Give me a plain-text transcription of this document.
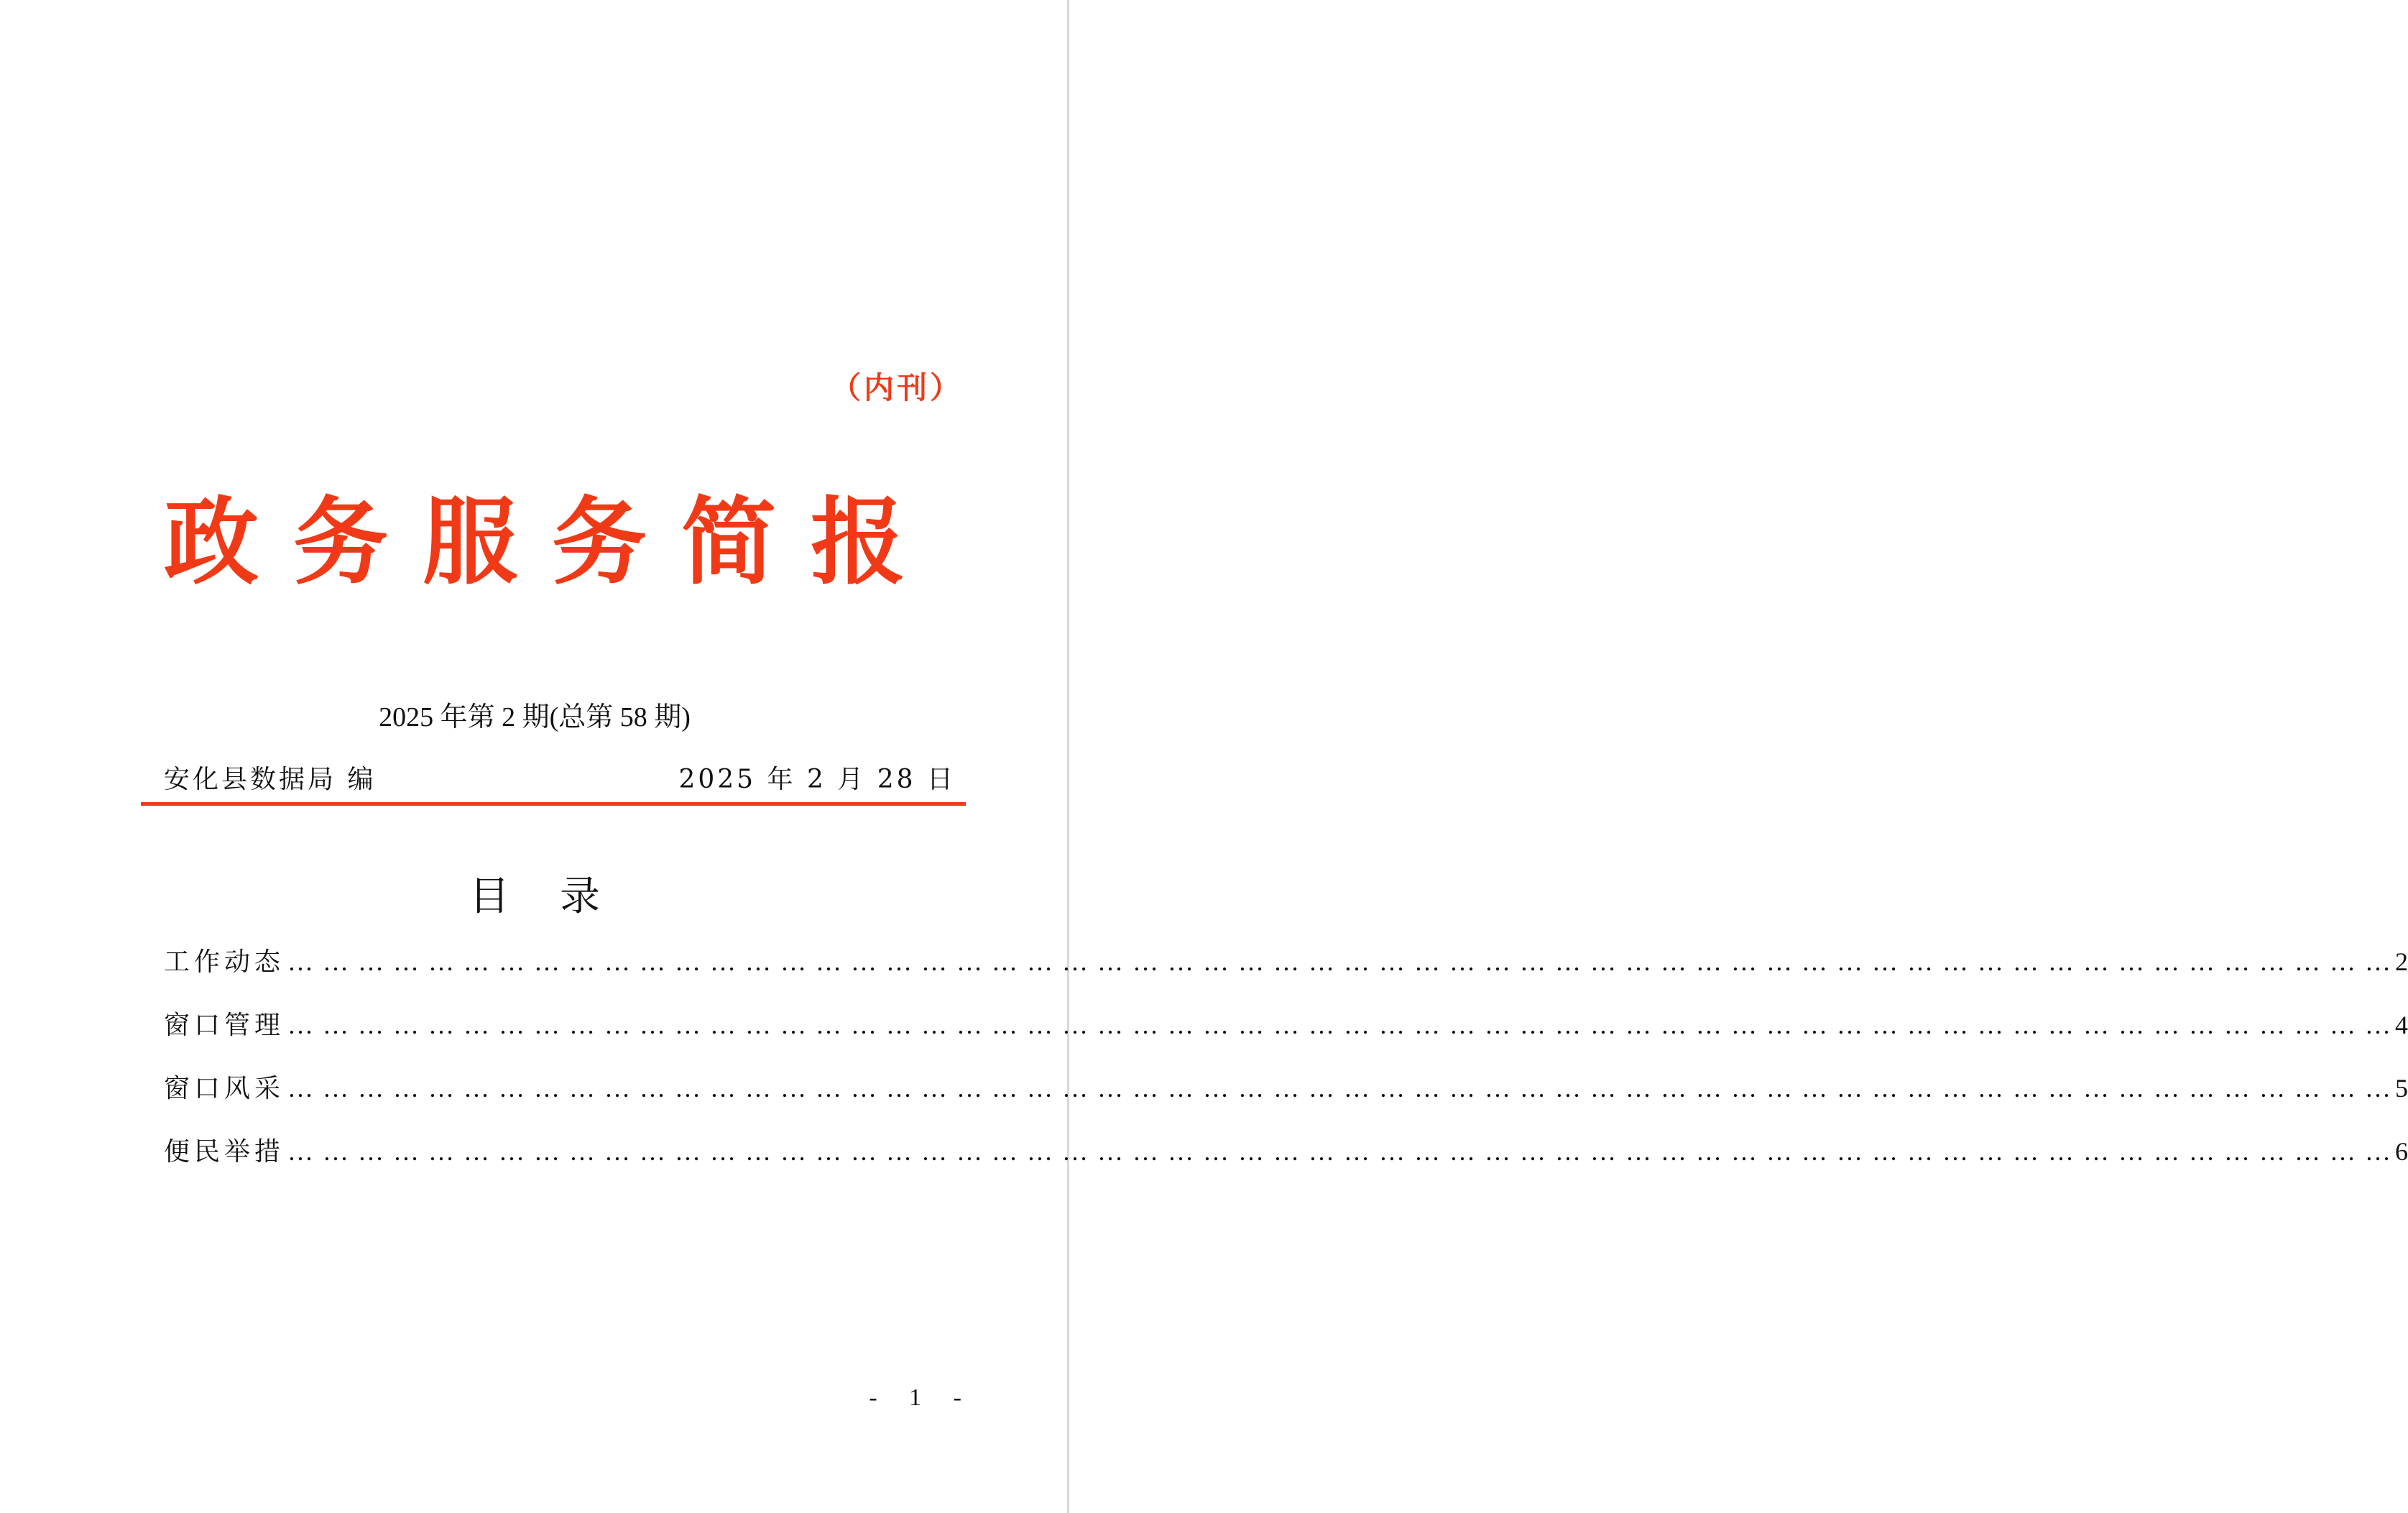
（内刊）
政 务 服 务 简 报
2025 年第 2 期(总第 58 期)
安化县数据局 编	2025 年 2 月 28 日
目录
工作动态 … … … … … … … … … … … … … … … … … … … … … … … … … … … … … … … … … … … … … … … … … … … … … … … … … … … … … … … … … … … … 2
窗口管理 … … … … … … … … … … … … … … … … … … … … … … … … … … … … … … … … … … … … … … … … … … … … … … … … … … … … … … … … … … … … 4
窗口风采 … … … … … … … … … … … … … … … … … … … … … … … … … … … … … … … … … … … … … … … … … … … … … … … … … … … … … … … … … … … … 5
便民举措 … … … … … … … … … … … … … … … … … … … … … … … … … … … … … … … … … … … … … … … … … … … … … … … … … … … … … … … … … … … … 6
- 1 -
